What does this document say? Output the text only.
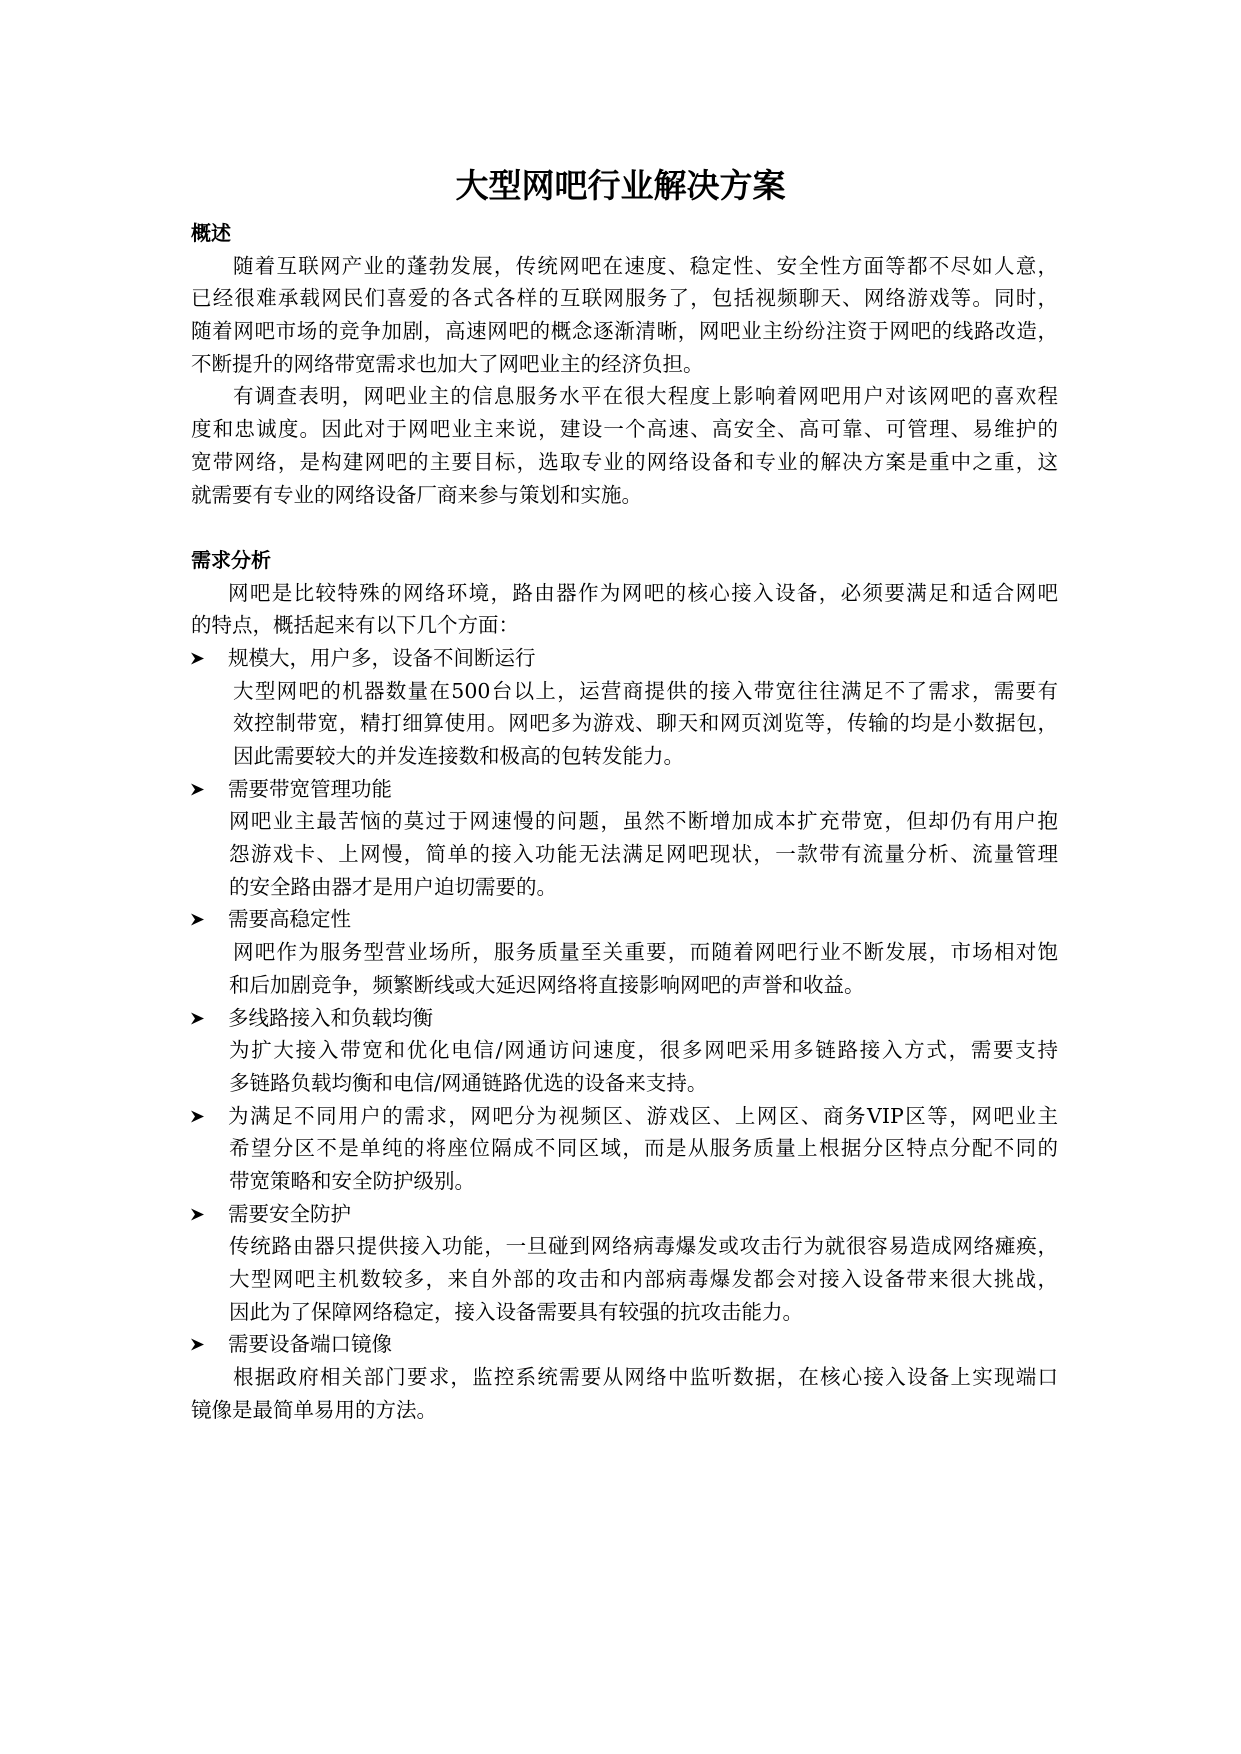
大型网吧行业解决方案
概述
随着互联网产业的蓬勃发展，传统网吧在速度、稳定性、安全性方面等都不尽如人意，
已经很难承载网民们喜爱的各式各样的互联网服务了，包括视频聊天、网络游戏等。同时，
随着网吧市场的竞争加剧，高速网吧的概念逐渐清晰，网吧业主纷纷注资于网吧的线路改造，
不断提升的网络带宽需求也加大了网吧业主的经济负担。
有调查表明，网吧业主的信息服务水平在很大程度上影响着网吧用户对该网吧的喜欢程
度和忠诚度。因此对于网吧业主来说，建设一个高速、高安全、高可靠、可管理、易维护的
宽带网络，是构建网吧的主要目标，选取专业的网络设备和专业的解决方案是重中之重，这
就需要有专业的网络设备厂商来参与策划和实施。
需求分析
网吧是比较特殊的网络环境，路由器作为网吧的核心接入设备，必须要满足和适合网吧
的特点，概括起来有以下几个方面：
规模大，用户多，设备不间断运行
大型网吧的机器数量在500台以上，运营商提供的接入带宽往往满足不了需求，需要有
效控制带宽，精打细算使用。网吧多为游戏、聊天和网页浏览等，传输的均是小数据包，
因此需要较大的并发连接数和极高的包转发能力。
需要带宽管理功能
网吧业主最苦恼的莫过于网速慢的问题，虽然不断增加成本扩充带宽，但却仍有用户抱
怨游戏卡、上网慢，简单的接入功能无法满足网吧现状，一款带有流量分析、流量管理
的安全路由器才是用户迫切需要的。
需要高稳定性
网吧作为服务型营业场所，服务质量至关重要，而随着网吧行业不断发展，市场相对饱
和后加剧竞争，频繁断线或大延迟网络将直接影响网吧的声誉和收益。
多线路接入和负载均衡
为扩大接入带宽和优化电信/网通访问速度，很多网吧采用多链路接入方式，需要支持
多链路负载均衡和电信/网通链路优选的设备来支持。
为满足不同用户的需求，网吧分为视频区、游戏区、上网区、商务VIP区等，网吧业主
希望分区不是单纯的将座位隔成不同区域，而是从服务质量上根据分区特点分配不同的
带宽策略和安全防护级别。
需要安全防护
传统路由器只提供接入功能，一旦碰到网络病毒爆发或攻击行为就很容易造成网络瘫痪，
大型网吧主机数较多，来自外部的攻击和内部病毒爆发都会对接入设备带来很大挑战，
因此为了保障网络稳定，接入设备需要具有较强的抗攻击能力。
需要设备端口镜像
根据政府相关部门要求，监控系统需要从网络中监听数据，在核心接入设备上实现端口
镜像是最简单易用的方法。
